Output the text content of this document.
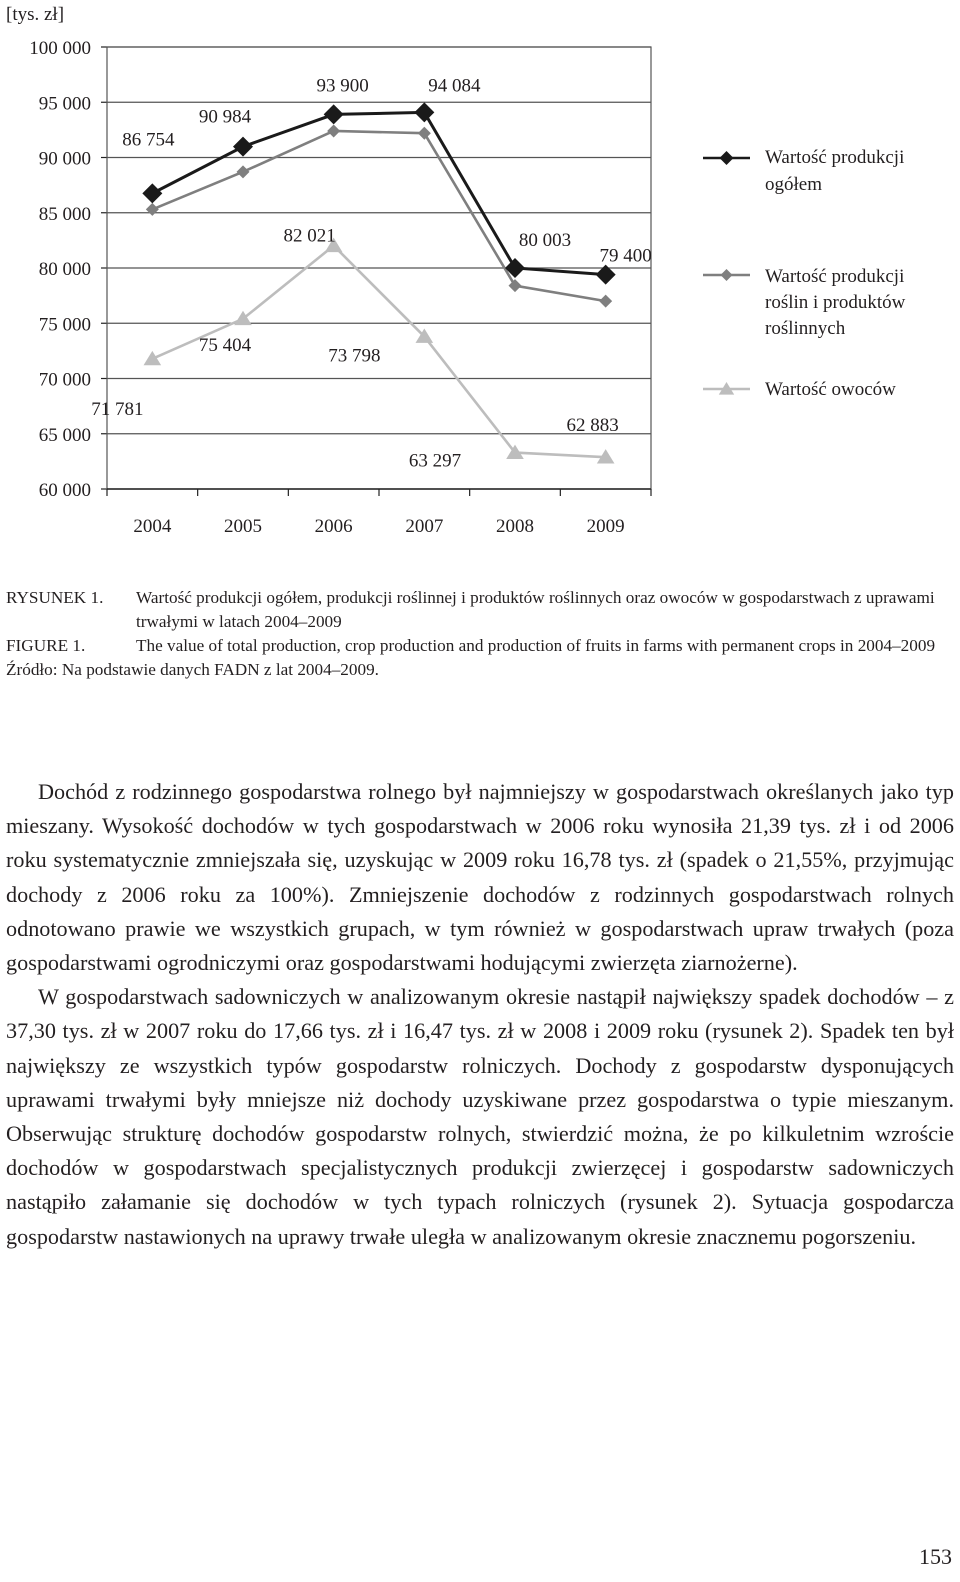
[tys. zł]
60 000
65 000
70 000
75 000
80 000
85 000
90 000
95 000
100 000
2004	2005	2006	2007	2008	2009
86 754
90 984
93 900	94 084
80 003
79 400
71 781
75 404
82 021
73 798
63 297
62 883
Wartość produkcji
ogółem
Wartość produkcji
roślin i produktów
roślinnych
Wartość owoców
RYSUNEK 1.	Wartość produkcji ogółem, produkcji roślinnej i produktów roślinnych oraz owoców w gospodarstwach z uprawami trwałymi w latach 2004–2009
FIGURE 1.	The value of total production, crop production and production of fruits in farms with permanent crops in 2004–2009
Źródło: Na podstawie danych FADN z lat 2004–2009.

Dochód z rodzinnego gospodarstwa rolnego był najmniejszy w gospodarstwach określanych jako typ mieszany. Wysokość dochodów w tych gospodarstwach w 2006 roku wynosiła 21,39 tys. zł i od 2006 roku systematycznie zmniejszała się, uzyskując w 2009 roku 16,78 tys. zł (spadek o 21,55%, przyjmując dochody z 2006 roku za 100%). Zmniejszenie dochodów z rodzinnych gospodarstwach rolnych odnotowano prawie we wszystkich grupach, w tym również w gospodarstwach upraw trwałych (poza gospodarstwami ogrodniczymi oraz gospodarstwami hodującymi zwierzęta ziarnożerne).

W gospodarstwach sadowniczych w analizowanym okresie nastąpił największy spadek dochodów – z 37,30 tys. zł w 2007 roku do 17,66 tys. zł i 16,47 tys. zł w 2008 i 2009 roku (rysunek 2). Spadek ten był największy ze wszystkich typów gospodarstw rolniczych. Dochody z gospodarstw dysponujących uprawami trwałymi były mniejsze niż dochody uzyskiwane przez gospodarstwa o typie mieszanym. Obserwując strukturę dochodów gospodarstw rolnych, stwierdzić można, że po kilkuletnim wzroście dochodów w gospodarstwach specjalistycznych produkcji zwierzęcej i gospodarstw sadowniczych nastąpiło załamanie się dochodów w tych typach rolniczych (rysunek 2). Sytuacja gospodarcza gospodarstw nastawionych na uprawy trwałe uległa w analizowanym okresie znacznemu pogorszeniu.

153
